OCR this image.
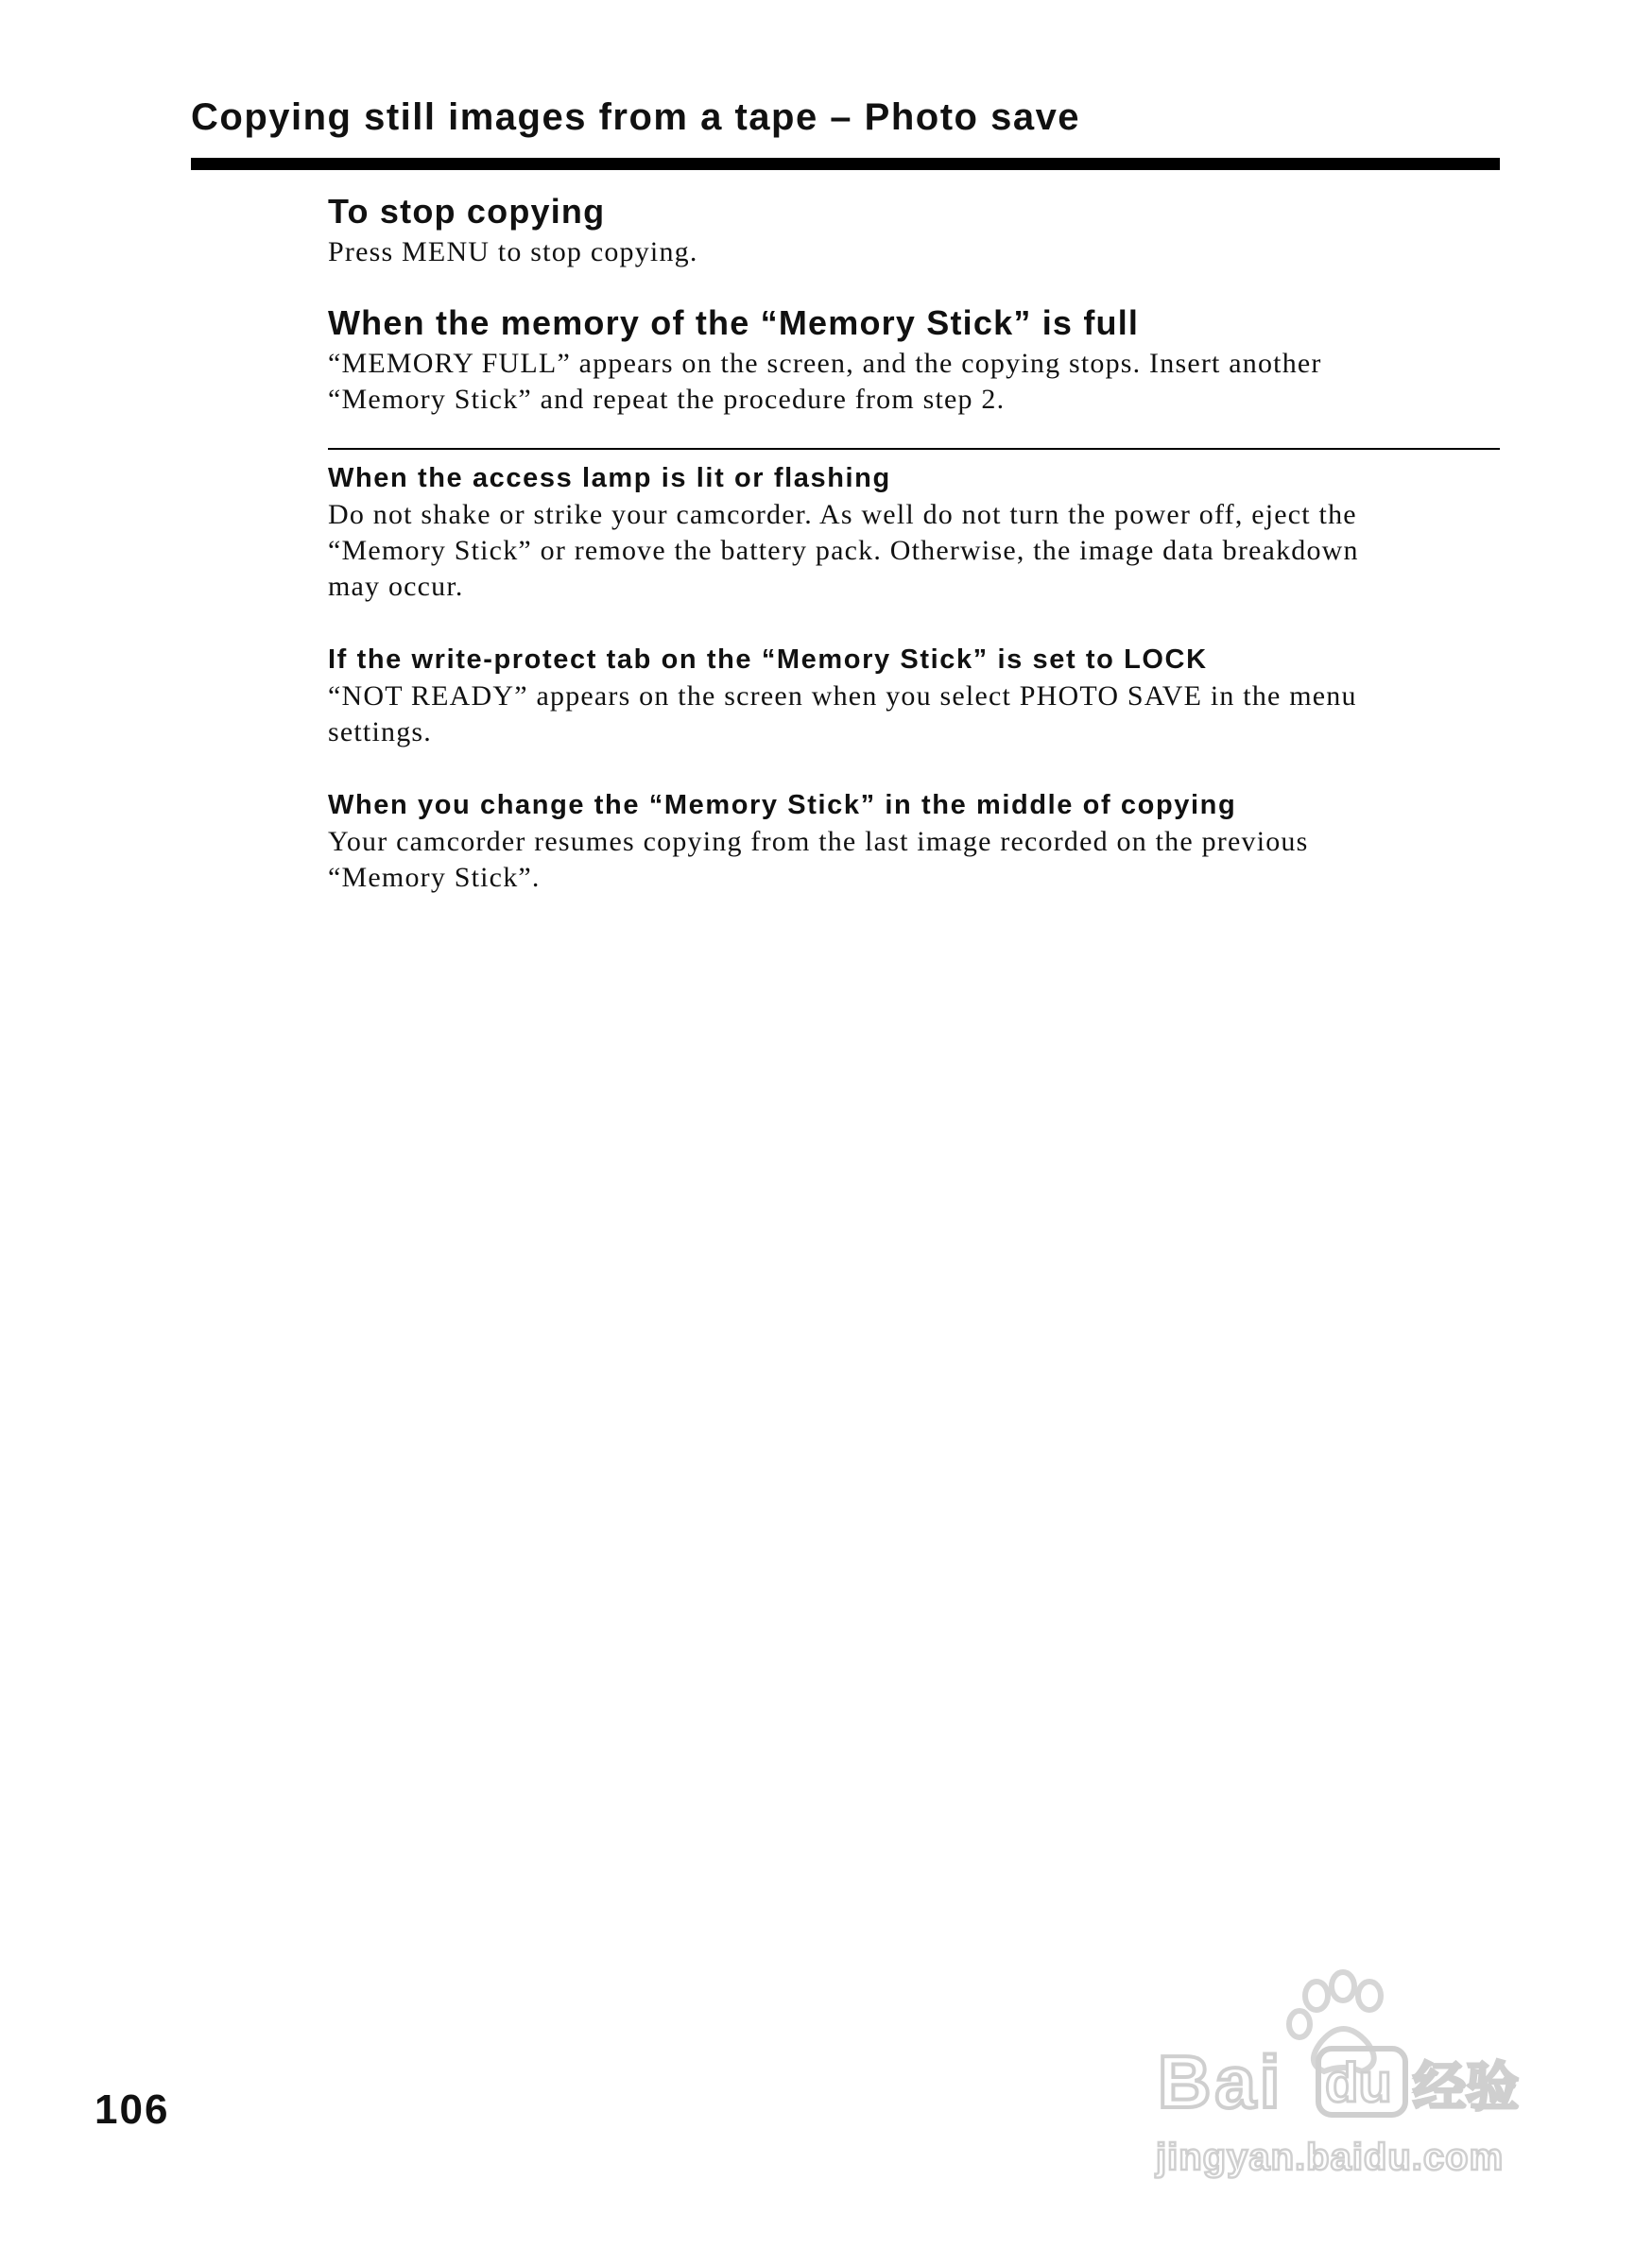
Copying still images from a tape – Photo save
To stop copying

Press MENU to stop copying.

When the memory of the “Memory Stick” is full

“MEMORY FULL” appears on the screen, and the copying stops. Insert another

“Memory Stick” and repeat the procedure from step 2.

When the access lamp is lit or flashing

Do not shake or strike your camcorder. As well do not turn the power off, eject the

“Memory Stick” or remove the battery pack. Otherwise, the image data breakdown

may occur.

If the write-protect tab on the “Memory Stick” is set to LOCK

“NOT READY” appears on the screen when you select PHOTO SAVE in the menu

settings.

When you change the “Memory Stick” in the middle of copying

Your camcorder resumes copying from the last image recorded on the previous

“Memory Stick”.

Bai du 经验
jingyan.baidu.com

106
